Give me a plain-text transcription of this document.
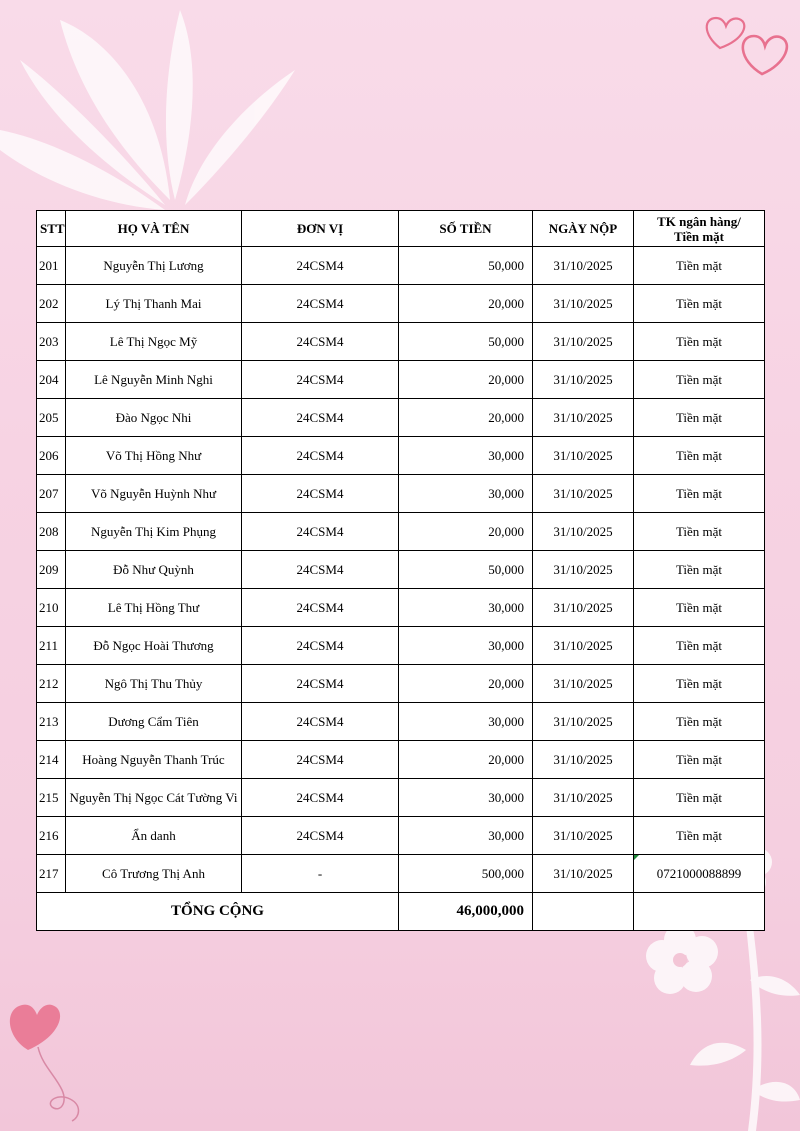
STT	HỌ VÀ TÊN	ĐƠN VỊ	SỐ TIỀN	NGÀY NỘP	TK ngân hàng/
Tiền mặt
201	Nguyễn Thị Lương	24CSM4	50,000	31/10/2025	Tiền mặt
202	Lý Thị Thanh Mai	24CSM4	20,000	31/10/2025	Tiền mặt
203	Lê Thị Ngọc Mỹ	24CSM4	50,000	31/10/2025	Tiền mặt
204	Lê Nguyễn Minh Nghi	24CSM4	20,000	31/10/2025	Tiền mặt
205	Đào Ngọc Nhi	24CSM4	20,000	31/10/2025	Tiền mặt
206	Võ Thị Hồng Như	24CSM4	30,000	31/10/2025	Tiền mặt
207	Võ Nguyễn Huỳnh Như	24CSM4	30,000	31/10/2025	Tiền mặt
208	Nguyễn Thị Kim Phụng	24CSM4	20,000	31/10/2025	Tiền mặt
209	Đỗ Như Quỳnh	24CSM4	50,000	31/10/2025	Tiền mặt
210	Lê Thị Hồng Thư	24CSM4	30,000	31/10/2025	Tiền mặt
211	Đỗ Ngọc Hoài Thương	24CSM4	30,000	31/10/2025	Tiền mặt
212	Ngô Thị Thu Thủy	24CSM4	20,000	31/10/2025	Tiền mặt
213	Dương Cẩm Tiên	24CSM4	30,000	31/10/2025	Tiền mặt
214	Hoàng Nguyễn Thanh Trúc	24CSM4	20,000	31/10/2025	Tiền mặt
215	Nguyễn Thị Ngọc Cát Tường Vi	24CSM4	30,000	31/10/2025	Tiền mặt
216	Ẩn danh	24CSM4	30,000	31/10/2025	Tiền mặt
217	Cô Trương Thị Anh	-	500,000	31/10/2025	0721000088899
TỔNG CỘNG			46,000,000		
